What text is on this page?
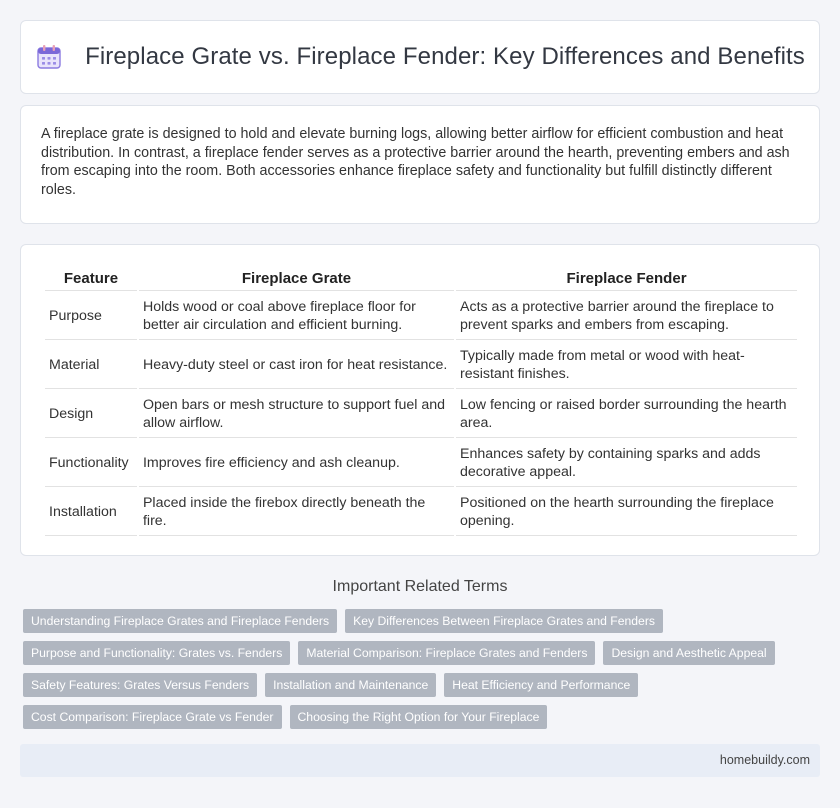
Fireplace Grate vs. Fireplace Fender: Key Differences and Benefits

A fireplace grate is designed to hold and elevate burning logs, allowing better airflow for efficient combustion and heat distribution. In contrast, a fireplace fender serves as a protective barrier around the hearth, preventing embers and ash from escaping into the room. Both accessories enhance fireplace safety and functionality but fulfill distinctly different roles.

Feature	Fireplace Grate	Fireplace Fender
Purpose	Holds wood or coal above fireplace floor for better air circulation and efficient burning.	Acts as a protective barrier around the fireplace to prevent sparks and embers from escaping.
Material	Heavy-duty steel or cast iron for heat resistance.	Typically made from metal or wood with heat-resistant finishes.
Design	Open bars or mesh structure to support fuel and allow airflow.	Low fencing or raised border surrounding the hearth area.
Functionality	Improves fire efficiency and ash cleanup.	Enhances safety by containing sparks and adds decorative appeal.
Installation	Placed inside the firebox directly beneath the fire.	Positioned on the hearth surrounding the fireplace opening.
Important Related Terms
Understanding Fireplace Grates and Fireplace Fenders	Key Differences Between Fireplace Grates and Fenders
Purpose and Functionality: Grates vs. Fenders	Material Comparison: Fireplace Grates and Fenders	Design and Aesthetic Appeal
Safety Features: Grates Versus Fenders	Installation and Maintenance	Heat Efficiency and Performance
Cost Comparison: Fireplace Grate vs Fender	Choosing the Right Option for Your Fireplace
homebuildy.com
